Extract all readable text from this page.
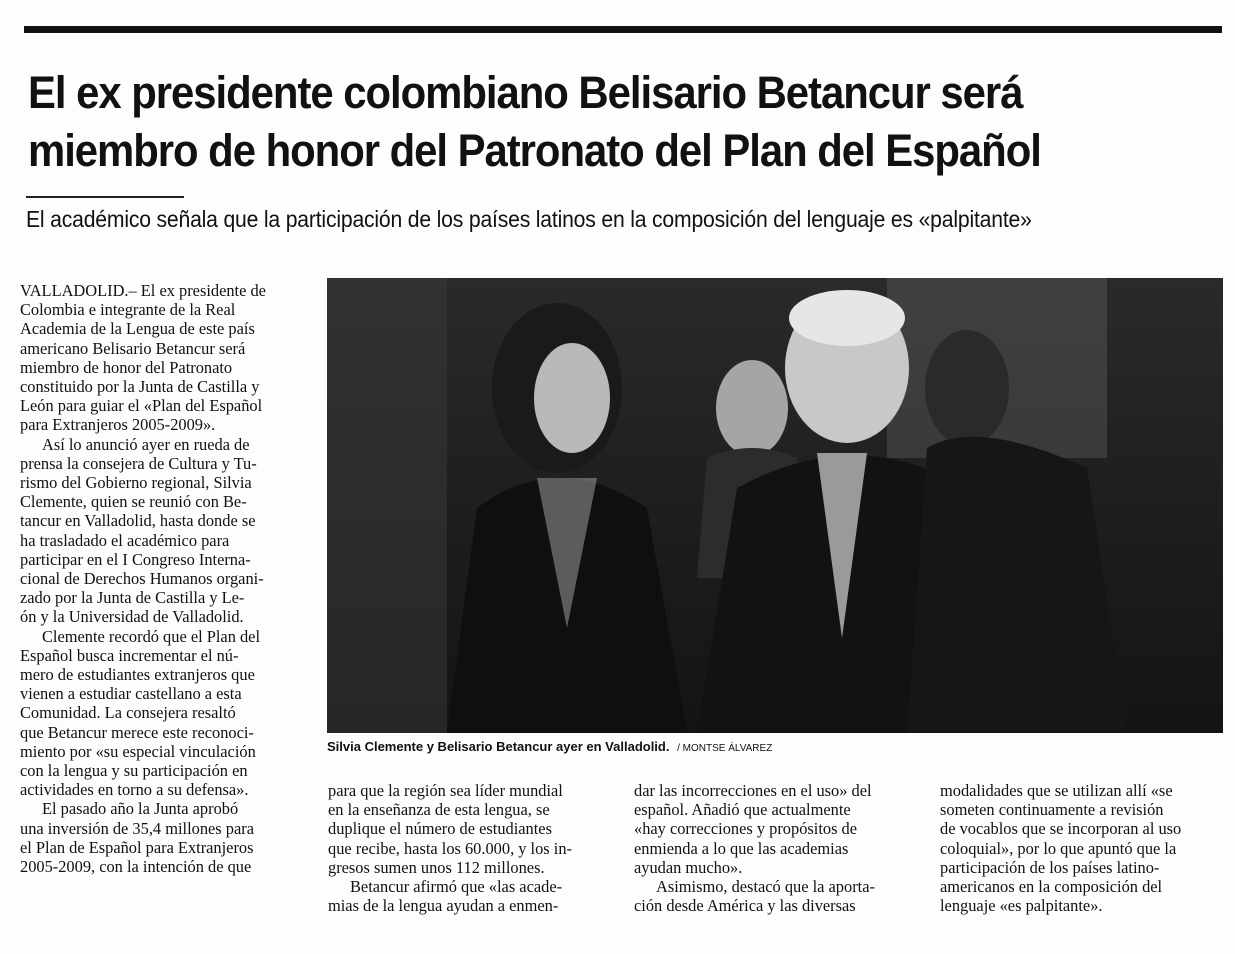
El ex presidente colombiano Belisario Betancur será
miembro de honor del Patronato del Plan del Español
El académico señala que la participación de los países latinos en la composición del lenguaje es «palpitante»
Silvia Clemente y Belisario Betancur ayer en Valladolid. / MONTSE ÁLVAREZ
VALLADOLID.– El ex presidente de
Colombia e integrante de la Real
Academia de la Lengua de este país
americano Belisario Betancur será
miembro de honor del Patronato
constituido por la Junta de Castilla y
León para guiar el «Plan del Español
para Extranjeros 2005-2009».
Así lo anunció ayer en rueda de
prensa la consejera de Cultura y Tu-
rismo del Gobierno regional, Silvia
Clemente, quien se reunió con Be-
tancur en Valladolid, hasta donde se
ha trasladado el académico para
participar en el I Congreso Interna-
cional de Derechos Humanos organi-
zado por la Junta de Castilla y Le-
ón y la Universidad de Valladolid.
Clemente recordó que el Plan del
Español busca incrementar el nú-
mero de estudiantes extranjeros que
vienen a estudiar castellano a esta
Comunidad. La consejera resaltó
que Betancur merece este reconoci-
miento por «su especial vinculación
con la lengua y su participación en
actividades en torno a su defensa».
El pasado año la Junta aprobó
una inversión de 35,4 millones para
el Plan de Español para Extranjeros
2005-2009, con la intención de que
para que la región sea líder mundial
en la enseñanza de esta lengua, se
duplique el número de estudiantes
que recibe, hasta los 60.000, y los in-
gresos sumen unos 112 millones.
Betancur afirmó que «las acade-
mias de la lengua ayudan a enmen-
dar las incorrecciones en el uso» del
español. Añadió que actualmente
«hay correcciones y propósitos de
enmienda a lo que las academias
ayudan mucho».
Asimismo, destacó que la aporta-
ción desde América y las diversas
modalidades que se utilizan allí «se
someten continuamente a revisión
de vocablos que se incorporan al uso
coloquial», por lo que apuntó que la
participación de los países latino-
americanos en la composición del
lenguaje «es palpitante».
